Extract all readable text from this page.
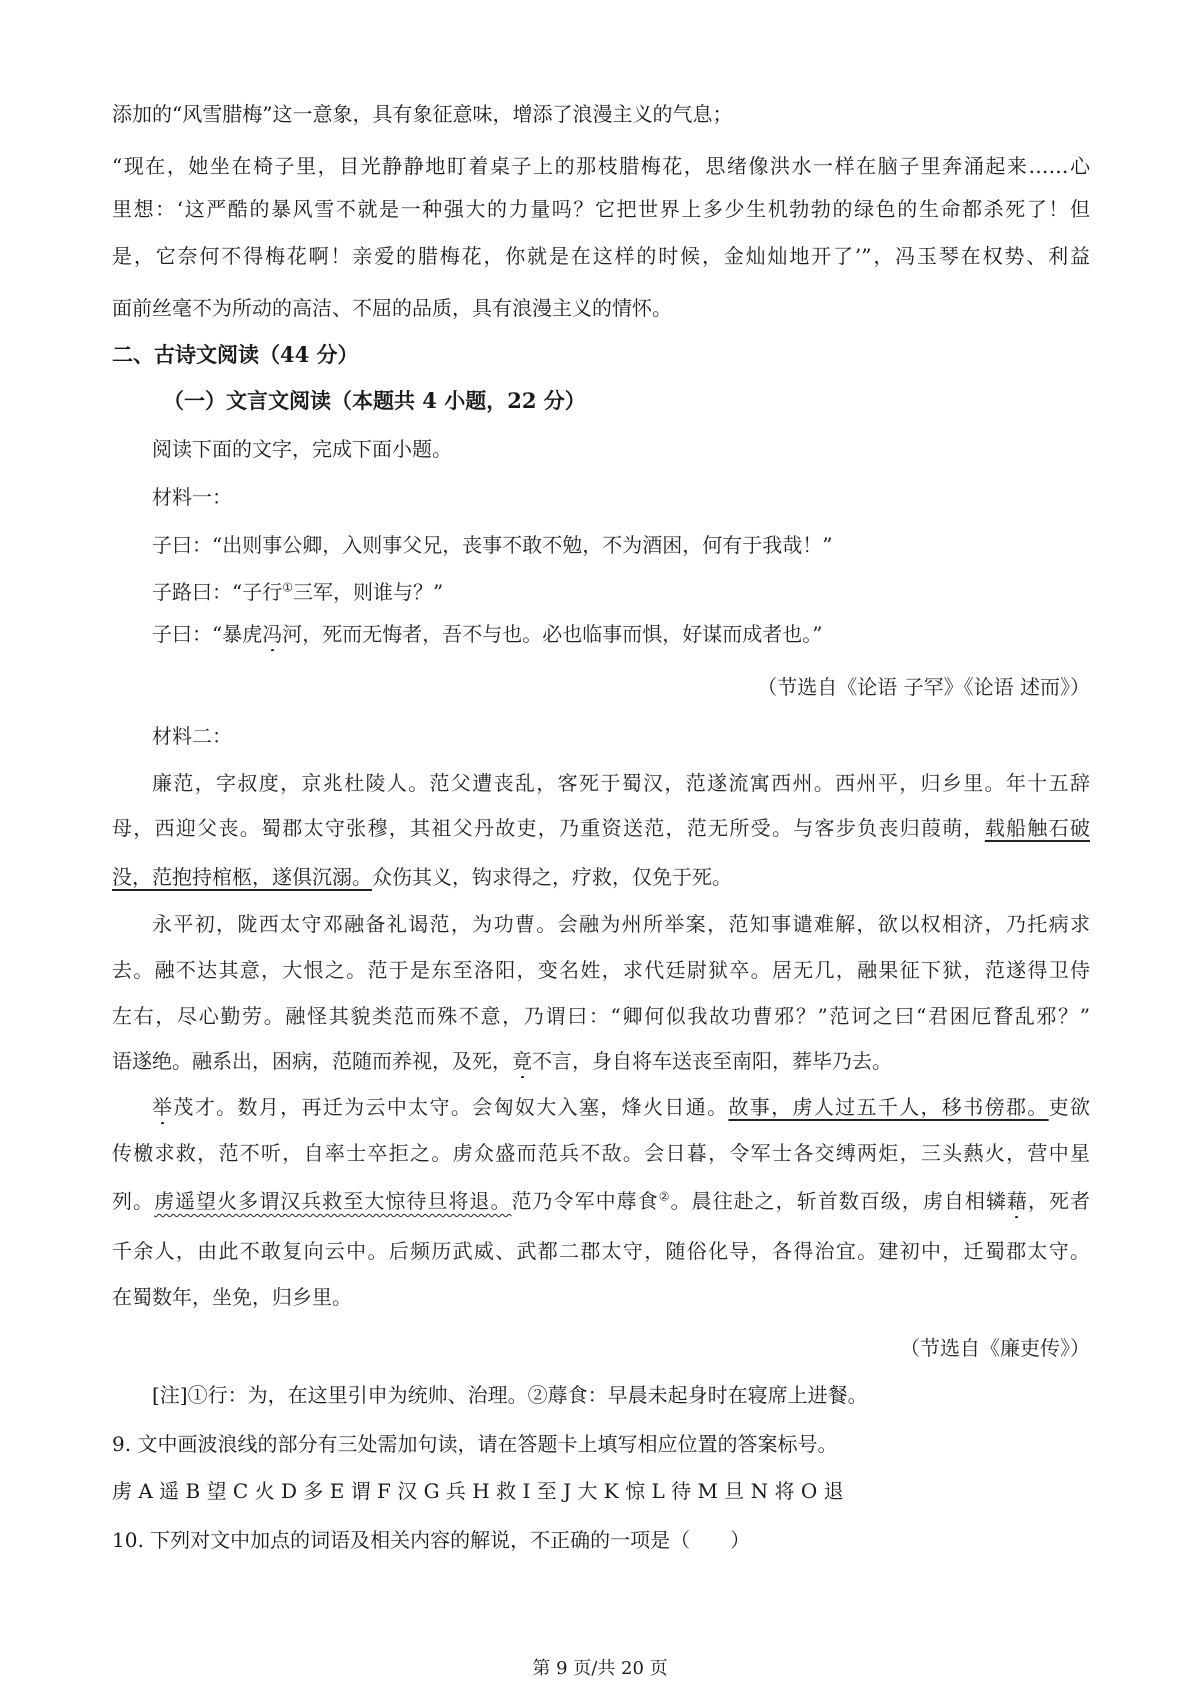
添加的“风雪腊梅”这一意象，具有象征意味，增添了浪漫主义的气息；
“现在，她坐在椅子里，目光静静地盯着桌子上的那枝腊梅花，思绪像洪水一样在脑子里奔涌起来……心
里想：‘这严酷的暴风雪不就是一种强大的力量吗？它把世界上多少生机勃勃的绿色的生命都杀死了！但
是，它奈何不得梅花啊！亲爱的腊梅花，你就是在这样的时候，金灿灿地开了’”，冯玉琴在权势、利益
面前丝毫不为所动的高洁、不屈的品质，具有浪漫主义的情怀。
二、古诗文阅读（44 分）
（一）文言文阅读（本题共 4 小题，22 分）
阅读下面的文字，完成下面小题。
材料一：
子曰：“出则事公卿，入则事父兄，丧事不敢不勉，不为酒困，何有于我哉！”
子路曰：“子行①三军，则谁与？”
子曰：“暴虎冯河，死而无悔者，吾不与也。必也临事而惧，好谋而成者也。”
（节选自《论语 子罕》《论语 述而》）
材料二：
廉范，字叔度，京兆杜陵人。范父遭丧乱，客死于蜀汉，范遂流寓西州。西州平，归乡里。年十五辞
母，西迎父丧。蜀郡太守张穆，其祖父丹故吏，乃重资送范，范无所受。与客步负丧归葭萌，载船触石破
没，范抱持棺柩，遂俱沉溺。众伤其义，钩求得之，疗救，仅免于死。
永平初，陇西太守邓融备礼谒范，为功曹。会融为州所举案，范知事谴难解，欲以权相济，乃托病求
去。融不达其意，大恨之。范于是东至洛阳，变名姓，求代廷尉狱卒。居无几，融果征下狱，范遂得卫侍
左右，尽心勤劳。融怪其貌类范而殊不意，乃谓曰：“卿何似我故功曹邪？”范诃之曰“君困厄瞀乱邪？”
语遂绝。融系出，困病，范随而养视，及死，竟不言，身自将车送丧至南阳，葬毕乃去。
举茂才。数月，再迁为云中太守。会匈奴大入塞，烽火日通。故事，虏人过五千人，移书傍郡。吏欲
传檄求救，范不听，自率士卒拒之。虏众盛而范兵不敌。会日暮，令军士各交缚两炬，三头爇火，营中星
列。虏遥望火多谓汉兵救至大惊待旦将退。范乃令军中蓐食②。晨往赴之，斩首数百级，虏自相辚藉，死者
千余人，由此不敢复向云中。后频历武威、武都二郡太守，随俗化导，各得治宜。建初中，迁蜀郡太守。
在蜀数年，坐免，归乡里。
（节选自《廉吏传》）
[注]①行：为，在这里引申为统帅、治理。②蓐食：早晨未起身时在寝席上进餐。
9. 文中画波浪线的部分有三处需加句读，请在答题卡上填写相应位置的答案标号。
虏 A 遥 B 望 C 火 D 多 E 谓 F 汉 G 兵 H 救 I 至 J 大 K 惊 L 待 M 旦 N 将 O 退
10. 下列对文中加点的词语及相关内容的解说，不正确的一项是（　　）
第 9 页/共 20 页
